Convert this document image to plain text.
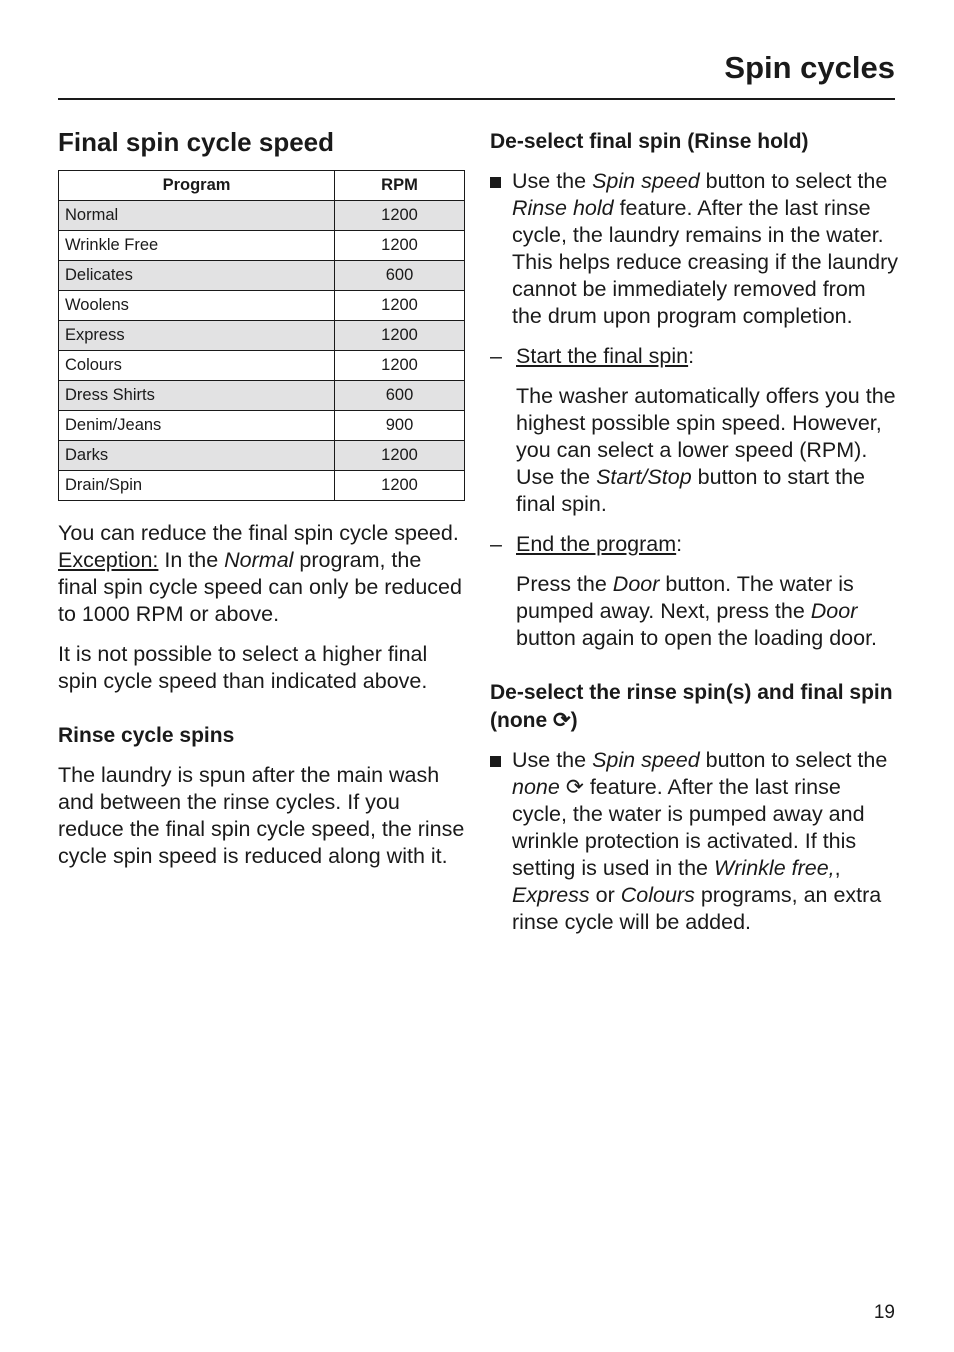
Spin cycles
Final spin cycle speed
Program	RPM
Normal	1200
Wrinkle Free	1200
Delicates	600
Woolens	1200
Express	1200
Colours	1200
Dress Shirts	600
Denim/Jeans	900
Darks	1200
Drain/Spin	1200

You can reduce the final spin cycle speed. Exception: In the Normal program, the final spin cycle speed can only be reduced to 1000 RPM or above.

It is not possible to select a higher final spin cycle speed than indicated above.

Rinse cycle spins

The laundry is spun after the main wash and between the rinse cycles. If you reduce the final spin cycle speed, the rinse cycle spin speed is reduced along with it.

De-select final spin (Rinse hold)

Use the Spin speed button to select the Rinse hold feature. After the last rinse cycle, the laundry remains in the water. This helps reduce creasing if the laundry cannot be immediately removed from the drum upon program completion.

– Start the final spin:

The washer automatically offers you the highest possible spin speed. However, you can select a lower speed (RPM). Use the Start/Stop button to start the final spin.

– End the program:

Press the Door button. The water is pumped away. Next, press the Door button again to open the loading door.

De-select the rinse spin(s) and final spin (none ⟳)

Use the Spin speed button to select the none ⟳ feature. After the last rinse cycle, the water is pumped away and wrinkle protection is activated. If this setting is used in the Wrinkle free,, Express or Colours programs, an extra rinse cycle will be added.

19
